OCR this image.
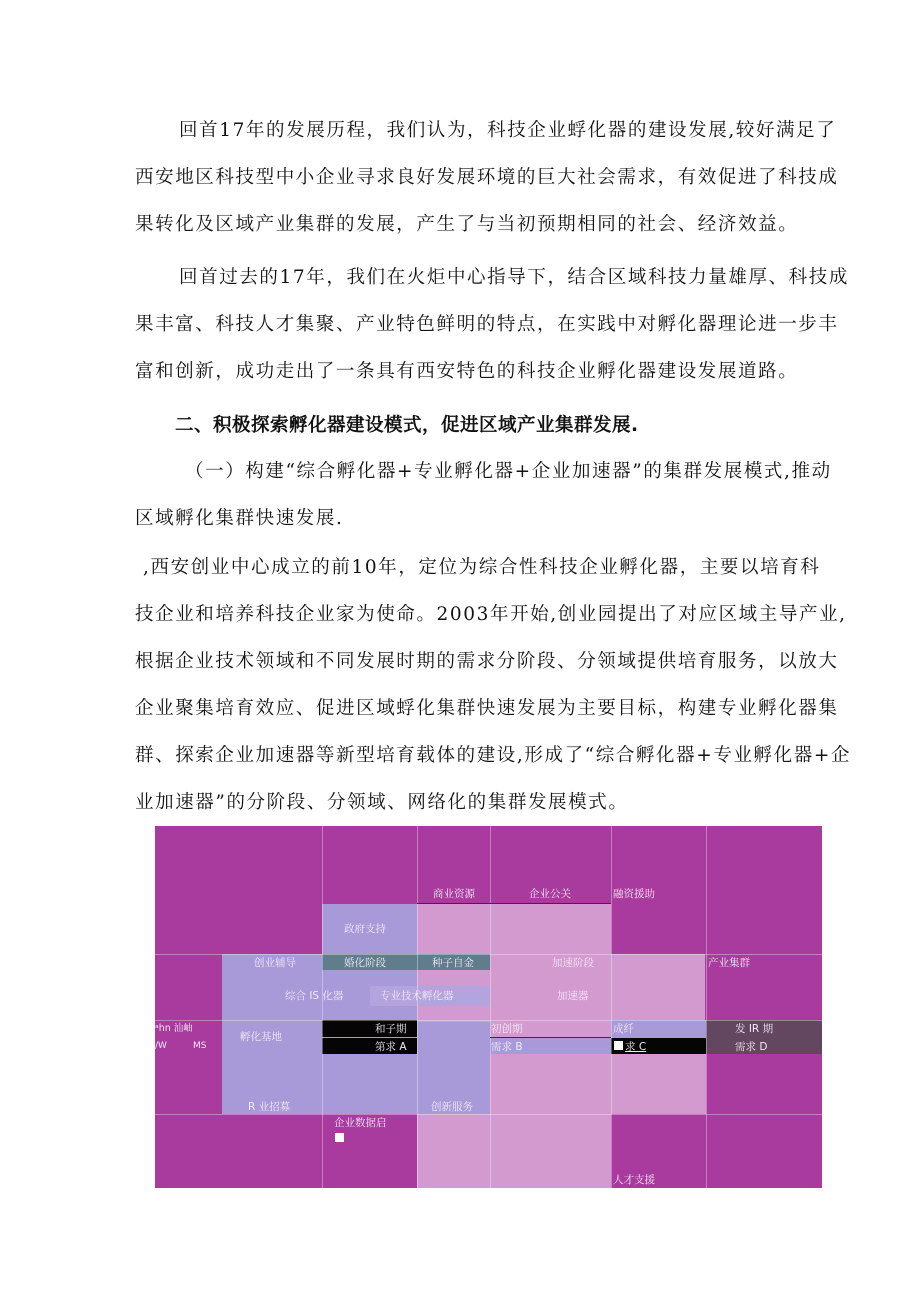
回首17年的发展历程，我们认为，科技企业蜉化器的建设发展,较好满足了
西安地区科技型中小企业寻求良好发展环境的巨大社会需求，有效促进了科技成
果转化及区域产业集群的发展，产生了与当初预期相同的社会、经济效益。
回首过去的17年，我们在火炬中心指导下，结合区域科技力量雄厚、科技成
果丰富、科技人才集聚、产业特色鲜明的特点，在实践中对孵化器理论进一步丰
富和创新，成功走出了一条具有西安特色的科技企业孵化器建设发展道路。
二、积极探索孵化器建设模式，促进区域产业集群发展.
（一）构建“综合孵化器+专业孵化器+企业加速器”的集群发展模式,推动
区域孵化集群快速发展.
,西安创业中心成立的前10年，定位为综合性科技企业孵化器，主要以培育科
技企业和培养科技企业家为使命。2003年开始,创业园提出了对应区域主导产业,
根据企业技术领域和不同发展时期的需求分阶段、分领域提供培育服务，以放大
企业聚集培育效应、促进区域蜉化集群快速发展为主要目标，构建专业孵化器集
群、探索企业加速器等新型培育载体的建设,形成了“综合孵化器+专业孵化器+企
业加速器”的分阶段、分领域、网络化的集群发展模式。
商业资源	企业公关	融资援助
政府支持
创业辅导	婚化阶段	种子自金	加速阶段	产业集群
综合 IS 化器	专业技术孵化器	加速器
ᵃhn 汕岫
/W	MS
孵化基地
和子期	初创期	成纤	发 IR 期
第求 A	需求 B	求 C	需求 D
R 业招募	创新服务
企业数据启
人才支援
